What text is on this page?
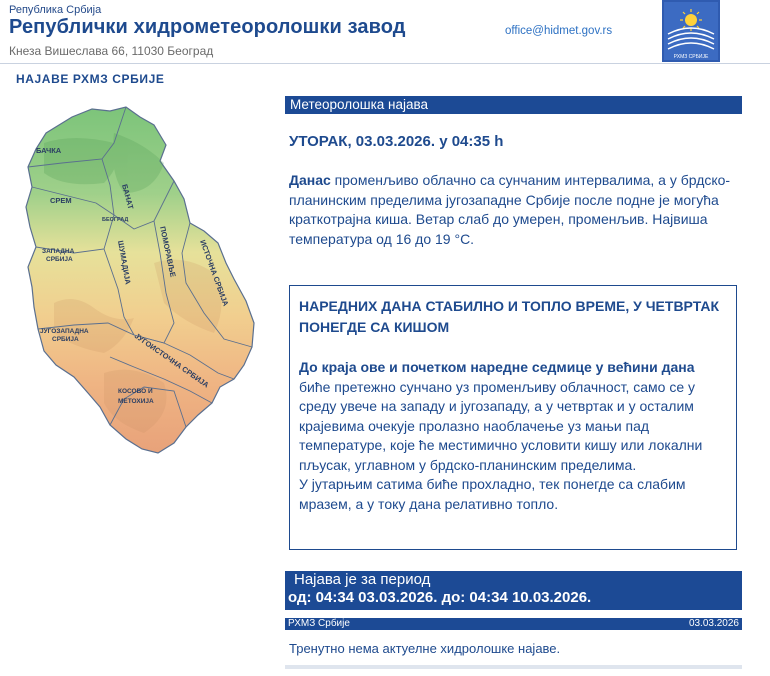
Република Србија
Републички хидрометеоролошки завод
Кнеза Вишеслава 66, 11030 Београд
office@hidmet.gov.rs
РХМЗ СРБИЈЕ
НАЈАВЕ РХМЗ СРБИЈЕ
БАЧКА
БАНАТ
СРЕМ
БЕОГРАД
ЗАПАДНА
СРБИЈА	ШУМАДИЈА	ПОМОРАВЉЕ	ИСТОЧНА СРБИЈА
ЈУГОЗАПАДНА
СРБИЈА	ЈУГОИСТОЧНА СРБИЈА
КОСОВО И
МЕТОХИЈА
Метеоролошка најава
УТОРАК, 03.03.2026. у 04:35 h
Данас променљиво облачно са сунчаним интервалима, а у брдско-планинским пределима југозападне Србије после подне је могућа краткотрајна киша. Ветар слаб до умерен, променљив. Највиша температура од 16 до 19 °C.
НАРЕДНИХ ДАНА СТАБИЛНО И ТОПЛО ВРЕМЕ, У ЧЕТВРТАК ПОНЕГДЕ СА КИШОМ

До краја ове и почетком наредне седмице у већини дана биће претежно сунчано уз променљиву облачност, само се у среду увече на западу и југозападу, а у четвртак и у осталим крајевима очекује пролазно наоблачење уз мањи пад температуре, које ће местимично условити кишу или локални пљусак, углавном у брдско-планинским пределима.

У јутарњим сатима биће прохладно, тек понегде са слабим мразем, а у току дана релативно топло.

Најава је за период
од: 04:34 03.03.2026. до: 04:34 10.03.2026.
РХМЗ Србије	03.03.2026
Тренутно нема актуелне хидролошке најаве.
